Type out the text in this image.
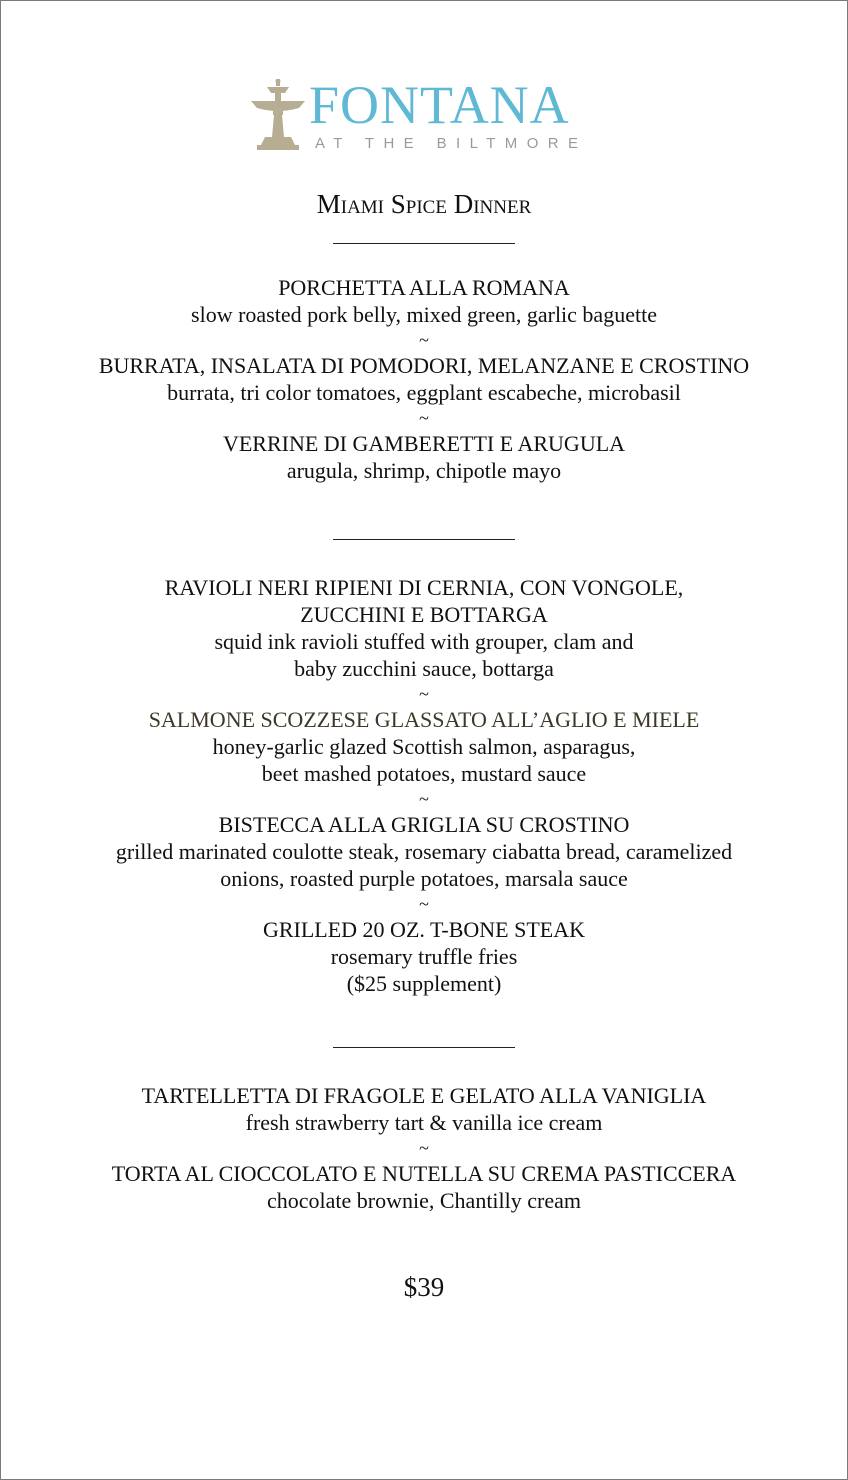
FONTANA
AT THE BILTMORE
Miami Spice Dinner
PORCHETTA ALLA ROMANA
slow roasted pork belly, mixed green, garlic baguette
~
BURRATA, INSALATA DI POMODORI, MELANZANE E CROSTINO
burrata, tri color tomatoes, eggplant escabeche, microbasil
~
VERRINE DI GAMBERETTI E ARUGULA
arugula, shrimp, chipotle mayo
RAVIOLI NERI RIPIENI DI CERNIA, CON VONGOLE,
ZUCCHINI E BOTTARGA
squid ink ravioli stuffed with grouper, clam and
baby zucchini sauce, bottarga
~
SALMONE SCOZZESE GLASSATO ALL’AGLIO E MIELE
honey-garlic glazed Scottish salmon, asparagus,
beet mashed potatoes, mustard sauce
~
BISTECCA ALLA GRIGLIA SU CROSTINO
grilled marinated coulotte steak, rosemary ciabatta bread, caramelized
onions, roasted purple potatoes, marsala sauce
~
GRILLED 20 OZ. T-BONE STEAK
rosemary truffle fries
($25 supplement)
TARTELLETTA DI FRAGOLE E GELATO ALLA VANIGLIA
fresh strawberry tart & vanilla ice cream
~
TORTA AL CIOCCOLATO E NUTELLA SU CREMA PASTICCERA
chocolate brownie, Chantilly cream
$39
